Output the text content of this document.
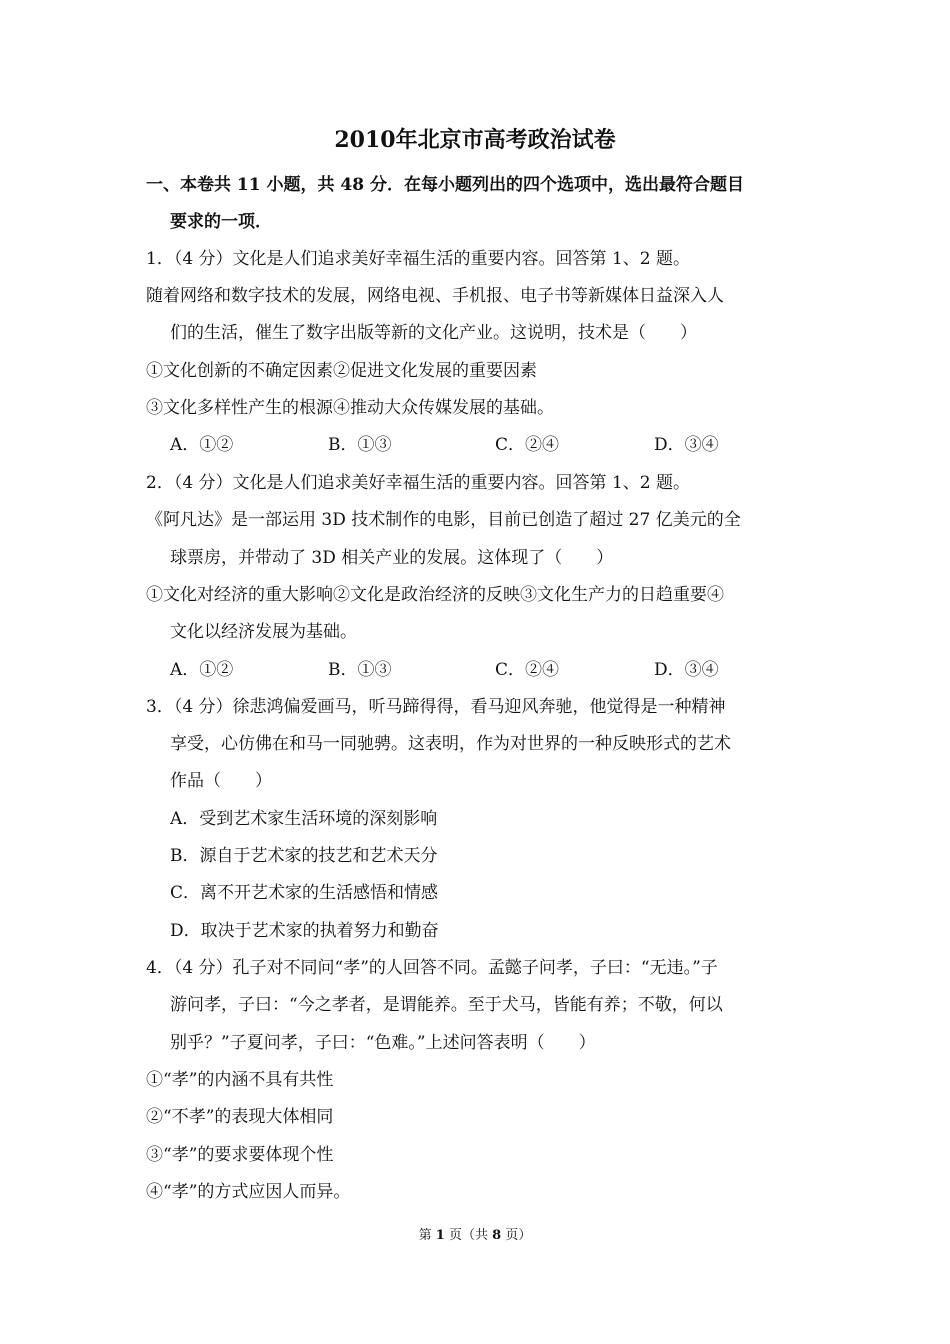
2010年北京市高考政治试卷
一、本卷共 11 小题，共 48 分．在每小题列出的四个选项中，选出最符合题目
要求的一项．
1．（4 分）文化是人们追求美好幸福生活的重要内容。回答第 1、2 题。
随着网络和数字技术的发展，网络电视、手机报、电子书等新媒体日益深入人
们的生活，催生了数字出版等新的文化产业。这说明，技术是（　　）
①文化创新的不确定因素②促进文化发展的重要因素
③文化多样性产生的根源④推动大众传媒发展的基础。
A．①②	B．①③	C．②④	D．③④
2．（4 分）文化是人们追求美好幸福生活的重要内容。回答第 1、2 题。
《阿凡达》是一部运用 3D 技术制作的电影，目前已创造了超过 27 亿美元的全
球票房，并带动了 3D 相关产业的发展。这体现了（　　）
①文化对经济的重大影响②文化是政治经济的反映③文化生产力的日趋重要④
文化以经济发展为基础。
A．①②	B．①③	C．②④	D．③④
3．（4 分）徐悲鸿偏爱画马，听马蹄得得，看马迎风奔驰，他觉得是一种精神
享受，心仿佛在和马一同驰骋。这表明，作为对世界的一种反映形式的艺术
作品（　　）
A．受到艺术家生活环境的深刻影响
B．源自于艺术家的技艺和艺术天分
C．离不开艺术家的生活感悟和情感
D．取决于艺术家的执着努力和勤奋
4．（4 分）孔子对不同问“孝”的人回答不同。孟懿子问孝，子曰：“无违。”子
游问孝，子曰：“今之孝者，是谓能养。至于犬马，皆能有养；不敬，何以
别乎？”子夏问孝，子曰：“色难。”上述问答表明（　　）
①“孝”的内涵不具有共性
②“不孝”的表现大体相同
③“孝”的要求要体现个性
④“孝”的方式应因人而异。
第 1 页（共 8 页）
